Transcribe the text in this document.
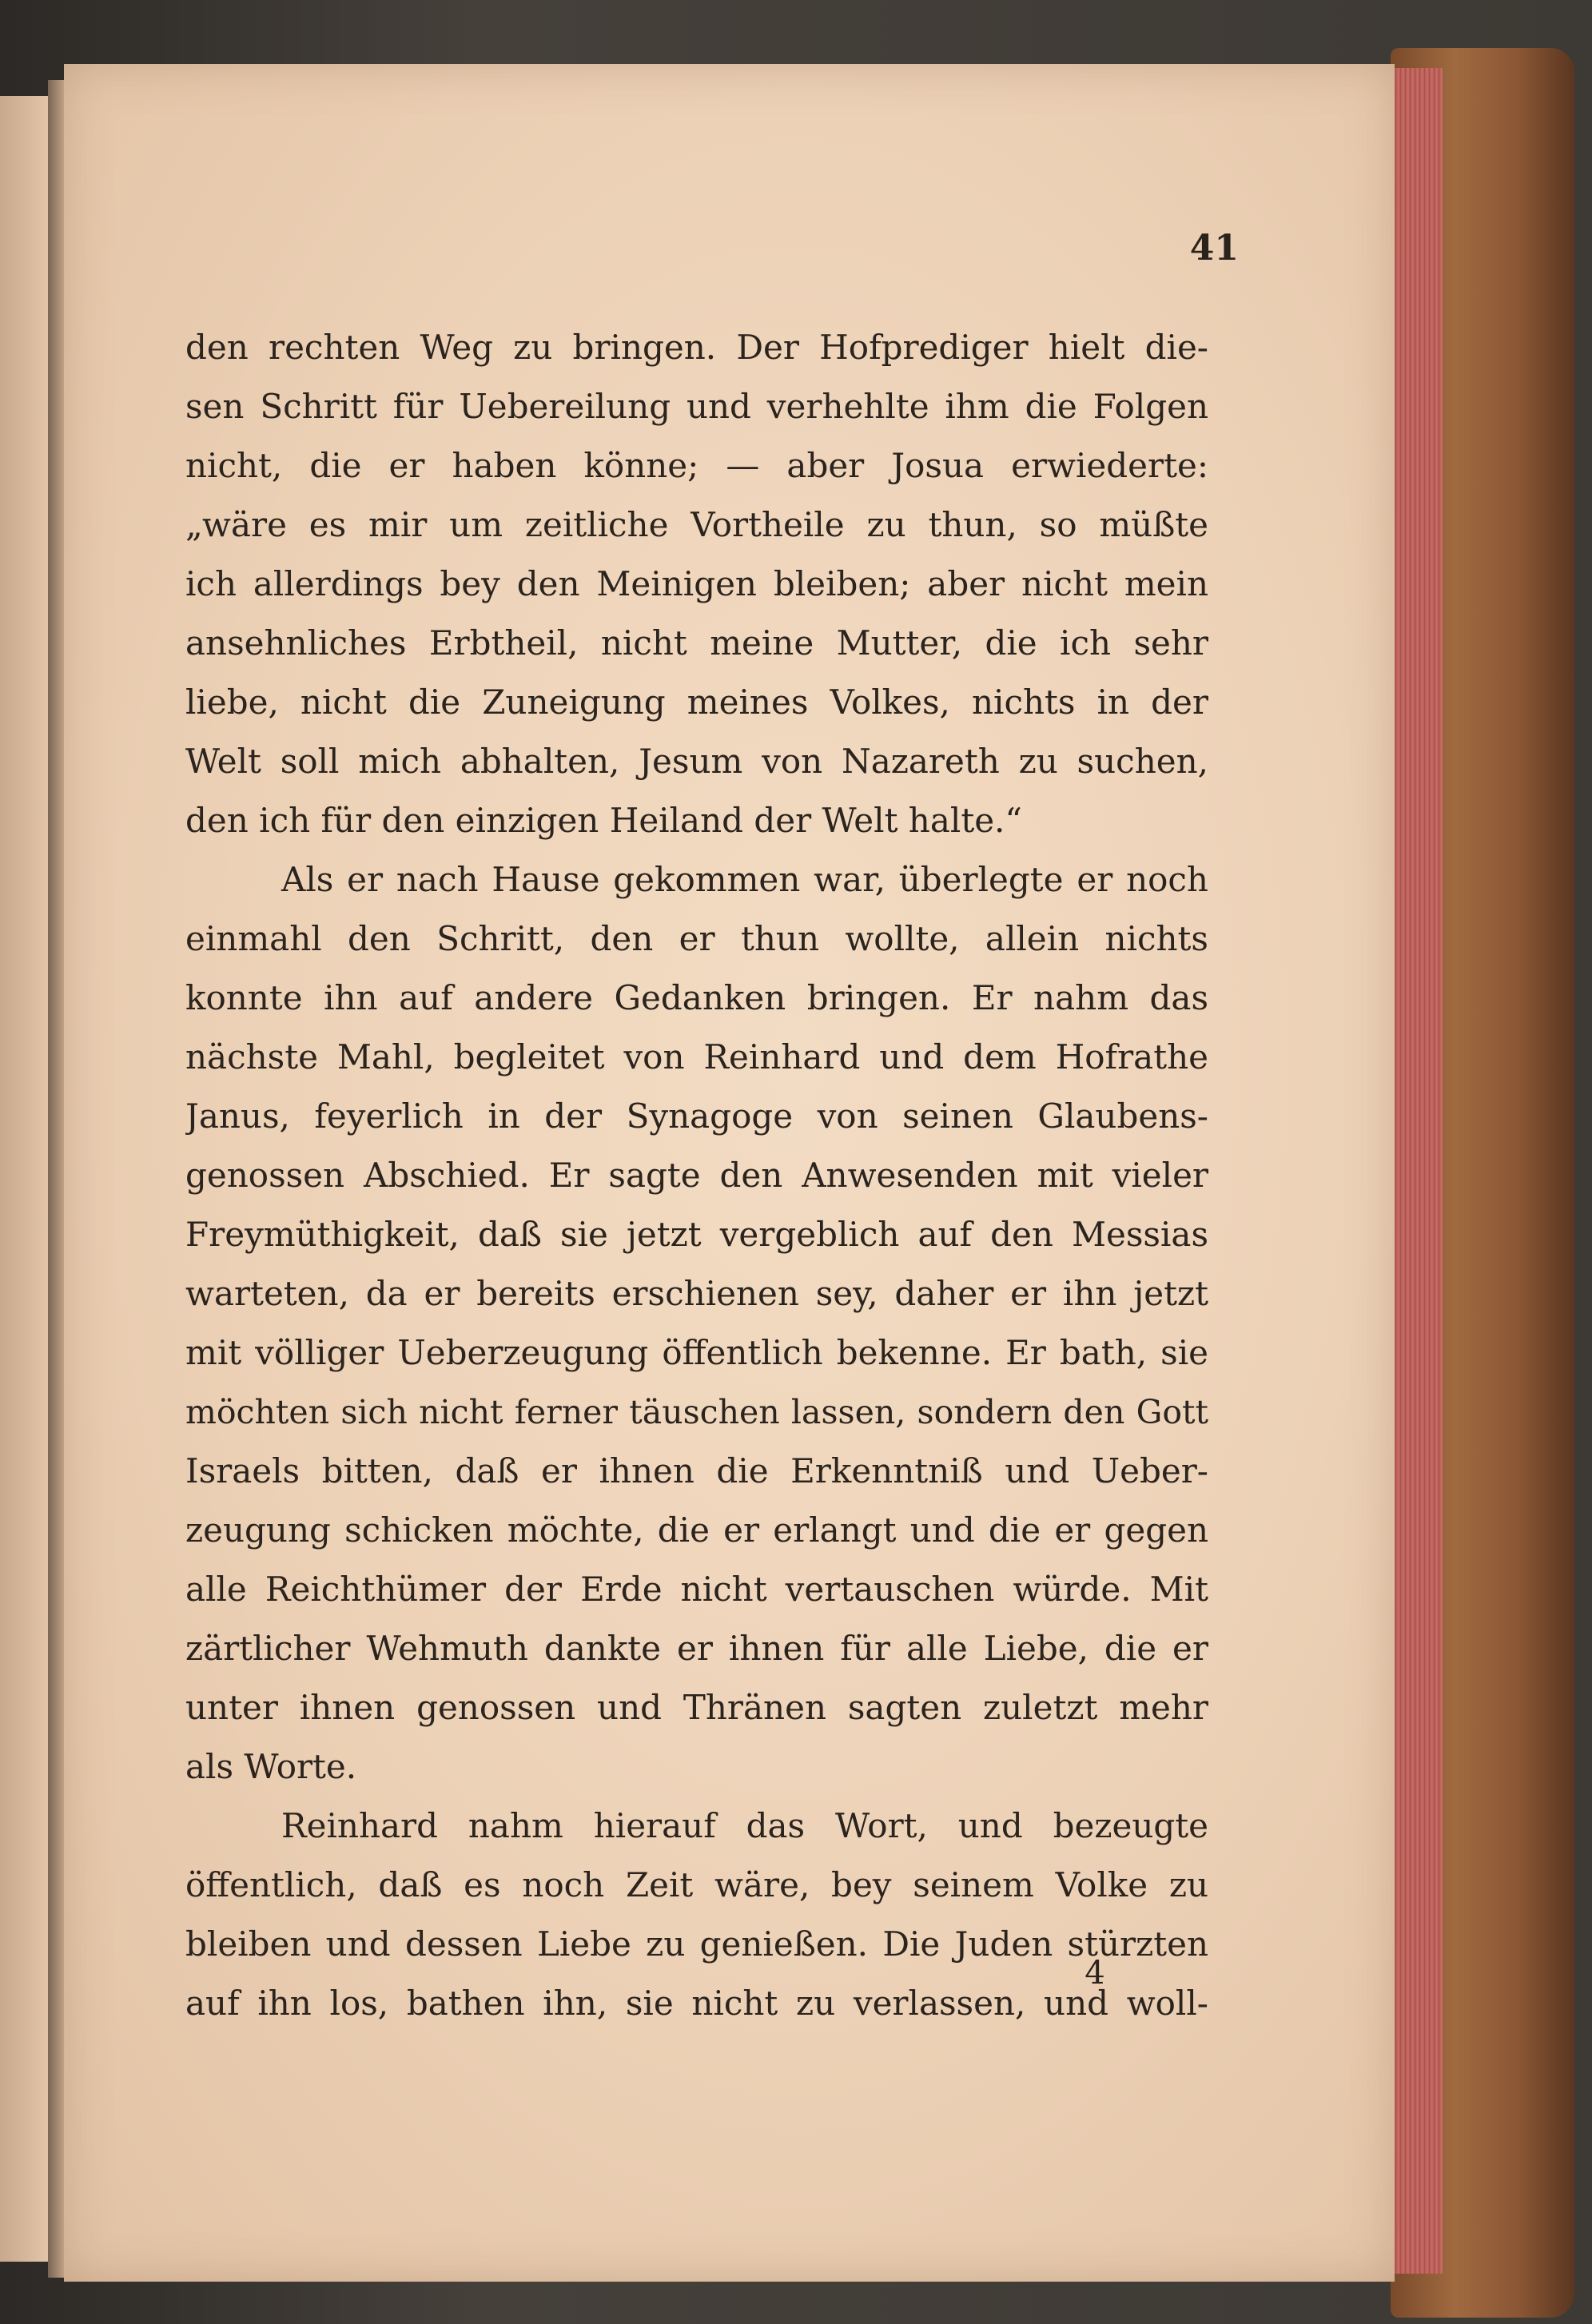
41
den rechten Weg zu bringen. Der Hofprediger hielt die-
sen Schritt für Uebereilung und verhehlte ihm die Folgen
nicht, die er haben könne; — aber Josua erwiederte:
„wäre es mir um zeitliche Vortheile zu thun, so müßte
ich allerdings bey den Meinigen bleiben; aber nicht mein
ansehnliches Erbtheil, nicht meine Mutter, die ich sehr
liebe, nicht die Zuneigung meines Volkes, nichts in der
Welt soll mich abhalten, Jesum von Nazareth zu suchen,
den ich für den einzigen Heiland der Welt halte.“
Als er nach Hause gekommen war, überlegte er noch
einmahl den Schritt, den er thun wollte, allein nichts
konnte ihn auf andere Gedanken bringen. Er nahm das
nächste Mahl, begleitet von Reinhard und dem Hofrathe
Janus, feyerlich in der Synagoge von seinen Glaubens-
genossen Abschied. Er sagte den Anwesenden mit vieler
Freymüthigkeit, daß sie jetzt vergeblich auf den Messias
warteten, da er bereits erschienen sey, daher er ihn jetzt
mit völliger Ueberzeugung öffentlich bekenne. Er bath, sie
möchten sich nicht ferner täuschen lassen, sondern den Gott
Israels bitten, daß er ihnen die Erkenntniß und Ueber-
zeugung schicken möchte, die er erlangt und die er gegen
alle Reichthümer der Erde nicht vertauschen würde. Mit
zärtlicher Wehmuth dankte er ihnen für alle Liebe, die er
unter ihnen genossen und Thränen sagten zuletzt mehr
als Worte.
Reinhard nahm hierauf das Wort, und bezeugte
öffentlich, daß es noch Zeit wäre, bey seinem Volke zu
bleiben und dessen Liebe zu genießen. Die Juden stürzten
auf ihn los, bathen ihn, sie nicht zu verlassen, und woll-
4
